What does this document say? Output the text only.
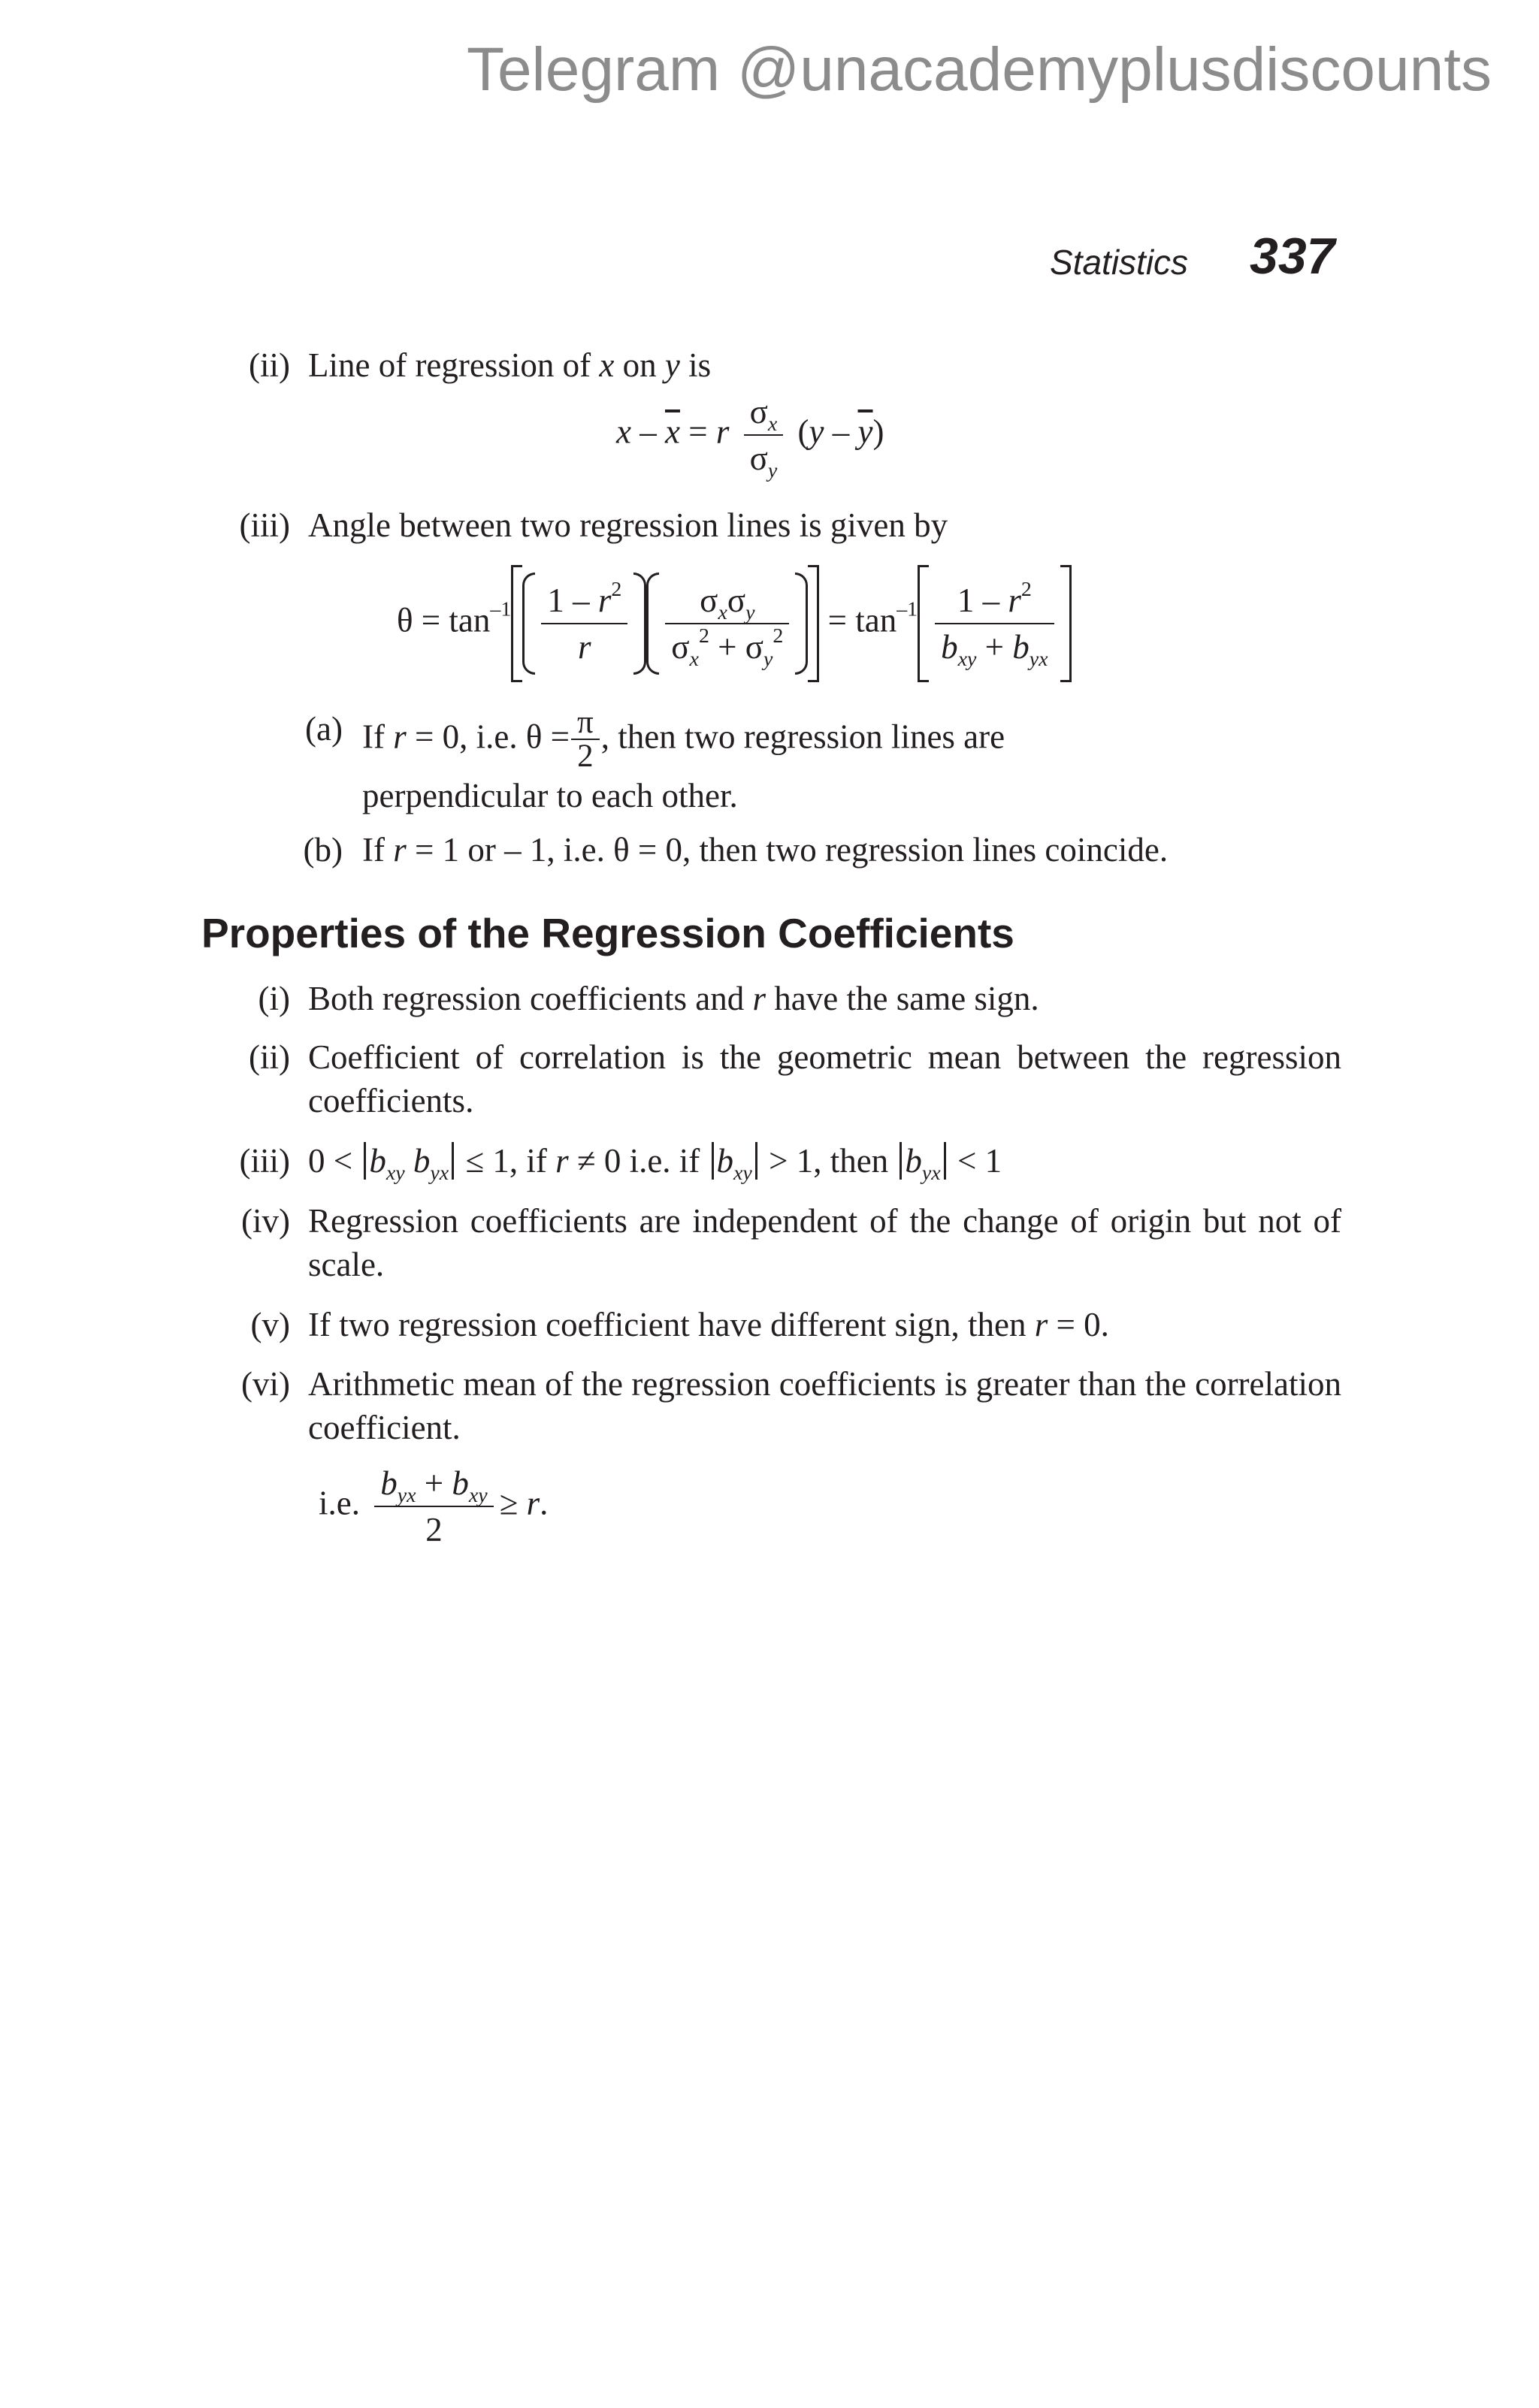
Telegram @unacademyplusdiscounts
Statistics 337
(ii) Line of regression of x on y is
$x - \overline{x} = r \frac{\sigma_x}{\sigma_y} (y - \overline{y})$
(iii) Angle between two regression lines is given by
$\theta = \tan^{-1} \frac{1 - r^2}{r} \frac{\sigma_x\sigma_y}{\sigma_x^2 + \sigma_y^2} = \tan^{-1} \frac{1 - r^2}{b_{xy} + b_{yx}}$
(a) If r = 0, i.e. $\theta = \frac{\pi}{2}$ , then two regression lines are
perpendicular to each other.
(b) If r = 1 or – 1, i.e. θ = 0, then two regression lines coincide.
Properties of the Regression Coefficients
(i) Both regression coefficients and r have the same sign.
(ii) Coefficient of correlation is the geometric mean between the regression coefficients.
(iii) $0 < b_{xy}$ $b_{yx} \le 1$, if r ≠ 0 i.e. if $b_{xy} > 1$, then $b_{yx} < 1$
(iv) Regression coefficients are independent of the change of origin but not of scale.
(v) If two regression coefficient have different sign, then r = 0.
(vi) Arithmetic mean of the regression coefficients is greater than the correlation coefficient.
i.e. $\frac{b_{yx} + b_{xy}}{2} \ge r$.
